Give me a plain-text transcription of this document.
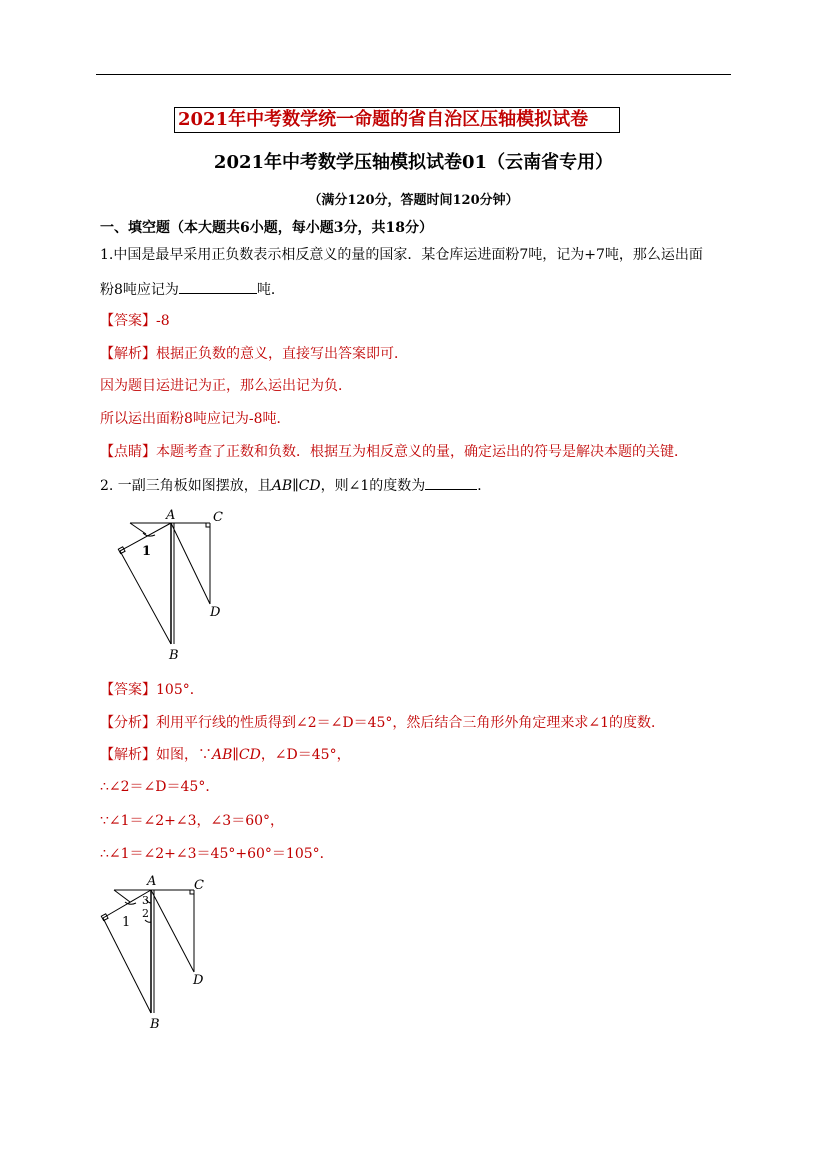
2021年中考数学统一命题的省自治区压轴模拟试卷
2021年中考数学压轴模拟试卷01（云南省专用）
（满分120分，答题时间120分钟）
一、填空题（本大题共6小题，每小题3分，共18分）
1.中国是最早采用正负数表示相反意义的量的国家．某仓库运进面粉7吨，记为+7吨，那么运出面
粉8吨应记为	吨．
【答案】-8
【解析】根据正负数的意义，直接写出答案即可．
因为题目运进记为正，那么运出记为负．
所以运出面粉8吨应记为-8吨．
【点睛】本题考查了正数和负数．根据互为相反意义的量，确定运出的符号是解决本题的关键．
2. 一副三角板如图摆放，且AB∥CD，则∠1的度数为	．
A	C
D
B
1
【答案】105°．
【分析】利用平行线的性质得到∠2＝∠D＝45°，然后结合三角形外角定理来求∠1的度数．
【解析】如图，∵AB∥CD，∠D＝45°，
∴∠2＝∠D＝45°．
∵∠1＝∠2+∠3，∠3＝60°，
∴∠1＝∠2+∠3＝45°+60°＝105°．
A	C
D
B
1
2
3
